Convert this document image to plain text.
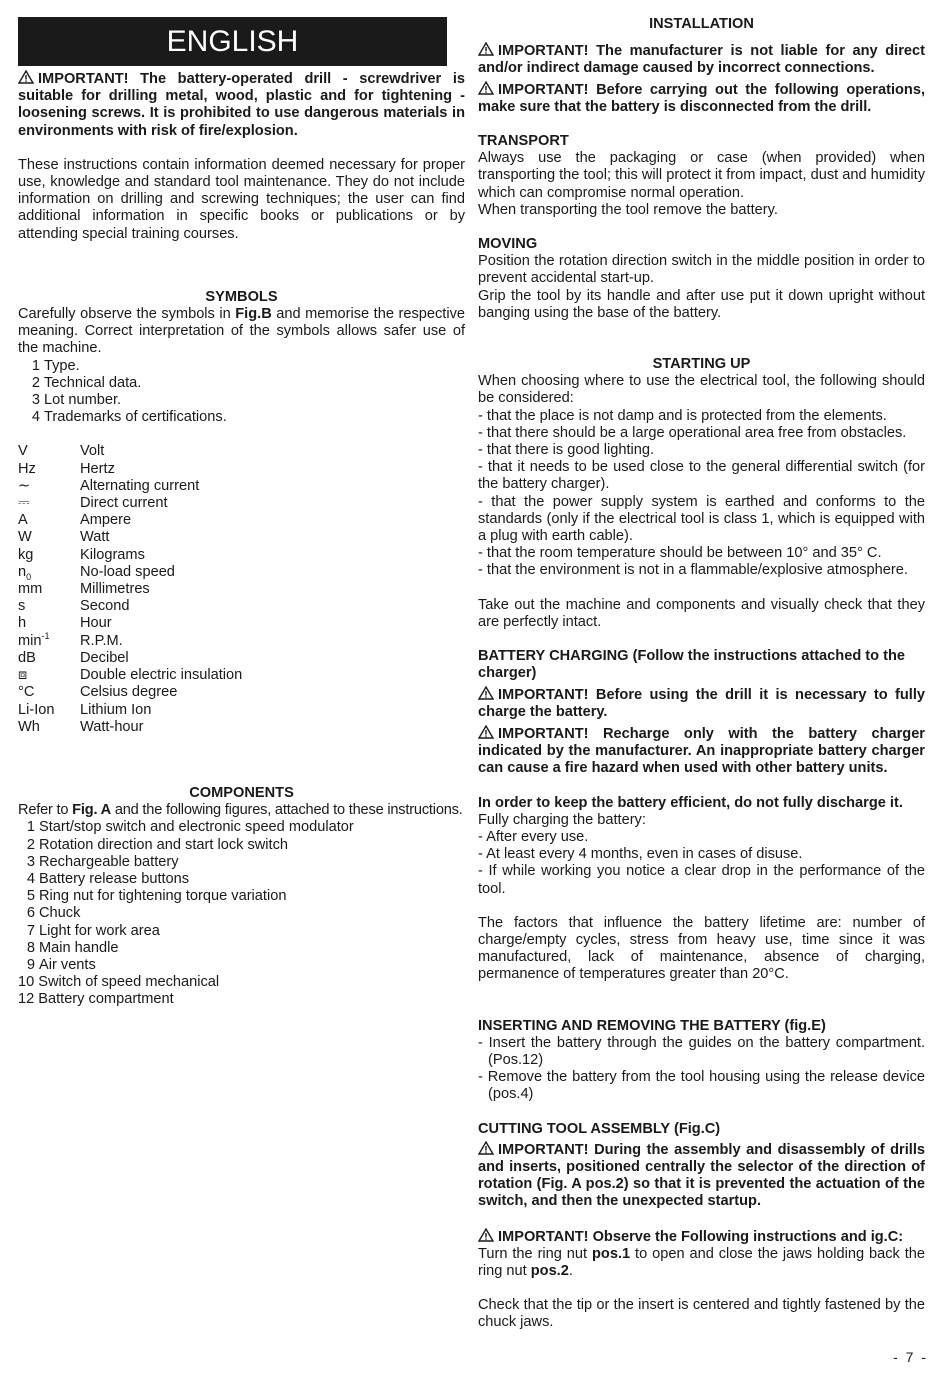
ENGLISH

IMPORTANT! The battery-operated drill - screwdriver is suitable for drilling metal, wood, plastic and for tightening - loosening screws. It is prohibited to use dangerous materials in environments with risk of fire/explosion.

These instructions contain information deemed necessary for proper use, knowledge and standard tool maintenance. They do not include information on drilling and screwing techniques; the user can find additional information in specific books or publications or by attending special training courses.

SYMBOLS

Carefully observe the symbols in Fig.B and memorise the respective meaning. Correct interpretation of the symbols allows safer use of the machine.

1 Type.
2 Technical data.
3 Lot number.
4 Trademarks of certifications.
V	Volt
Hz	Hertz
∼	Alternating current
⎓	Direct current
A	Ampere
W	Watt
kg	Kilograms
$n_0$	No-load speed
mm	Millimetres
s	Second
h	Hour
$\min^{-1}$	R.P.M.
dB	Decibel
⧈	Double electric insulation
°C	Celsius degree
Li-Ion	Lithium Ion
Wh	Watt-hour

COMPONENTS

Refer to Fig. A and the following figures, attached to these instructions.

1 Start/stop switch and electronic speed modulator
2 Rotation direction and start lock switch
3 Rechargeable battery
4 Battery release buttons
5 Ring nut for tightening torque variation
6 Chuck
7 Light for work area
8 Main handle
9 Air vents
10 Switch of speed mechanical
12 Battery compartment

INSTALLATION

IMPORTANT! The manufacturer is not liable for any direct and/or indirect damage caused by incorrect connections.

IMPORTANT! Before carrying out the following operations, make sure that the battery is disconnected from the drill.

TRANSPORT

Always use the packaging or case (when provided) when transporting the tool; this will protect it from impact, dust and humidity which can compromise normal operation.

When transporting the tool remove the battery.

MOVING

Position the rotation direction switch in the middle position in order to prevent accidental start-up.

Grip the tool by its handle and after use put it down upright without banging using the base of the battery.

STARTING UP

When choosing where to use the electrical tool, the following should be considered:

- that the place is not damp and is protected from the elements.

- that there should be a large operational area free from obstacles.

- that there is good lighting.

- that it needs to be used close to the general differential switch (for the battery charger).

- that the power supply system is earthed and conforms to the standards (only if the electrical tool is class 1, which is equipped with a plug with earth cable).

- that the room temperature should be between 10° and 35° C.

- that the environment is not in a flammable/explosive atmosphere.

Take out the machine and components and visually check that they are perfectly intact.

BATTERY CHARGING (Follow the instructions attached to the charger)

IMPORTANT! Before using the drill it is necessary to fully charge the battery.

IMPORTANT! Recharge only with the battery charger indicated by the manufacturer. An inappropriate battery charger can cause a fire hazard when used with other battery units.

In order to keep the battery efficient, do not fully discharge it.

Fully charging the battery:

- After every use.

- At least every 4 months, even in cases of disuse.

- If while working you notice a clear drop in the performance of the tool.

The factors that influence the battery lifetime are: number of charge/empty cycles, stress from heavy use, time since it was manufactured, lack of maintenance, absence of charging, permanence of temperatures greater than 20°C.

INSERTING AND REMOVING THE BATTERY (fig.E)

- Insert the battery through the guides on the battery compartment. (Pos.12)

- Remove the battery from the tool housing using the release device (pos.4)

CUTTING TOOL ASSEMBLY (Fig.C)

IMPORTANT! During the assembly and disassembly of drills and inserts, positioned centrally the selector of the direction of rotation (Fig. A pos.2) so that it is prevented the actuation of the switch, and then the unexpected startup.

IMPORTANT! Observe the Following instructions and ig.C:

Turn the ring nut pos.1 to open and close the jaws holding back the ring nut pos.2.

Check that the tip or the insert is centered and tightly fastened by the chuck jaws.

- 7 -
